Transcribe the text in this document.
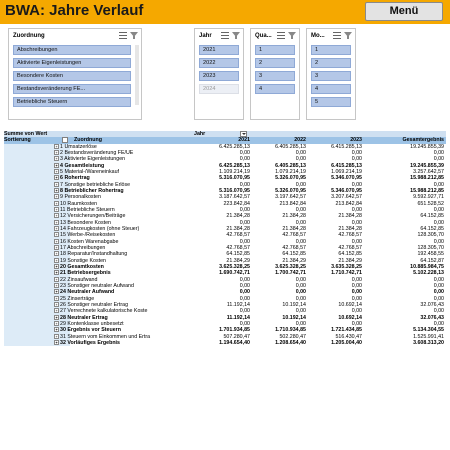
BWA: Jahre Verlauf	Menü
Zuordnung
Abschreibungen
Aktivierte Eigenleistungen
Besondere Kosten
Bestandsveränderung FE...
Betriebliche Steuern
Jahr
2021
2022
2023
2024
Qua...
1
2
3
4
Mo...
1
2
3
4
5
Summe von Wert	Jahr
Sortierung	Zuordnung	2021	2022	2023	Gesamtergebnis
+ 1 Umsatzerlöse	6.425.285,13	6.405.285,13	6.415.285,13	19.245.855,39
+ 2 Bestandsveränderung FE/UE	0,00	0,00	0,00	0,00
+ 3 Aktivierte Eigenleistungen	0,00	0,00	0,00	0,00
+ 4 Gesamtleistung	6.425.285,13	6.405.285,13	6.415.285,13	19.245.855,39
+ 5 Material-/Wareneinkauf	1.109.214,19	1.079.214,19	1.069.214,19	3.257.642,57
+ 6 Rohertrag	5.316.070,95	5.326.070,95	5.346.070,95	15.988.212,85
+ 7 Sonstige betriebliche Erlöse	0,00	0,00	0,00	0,00
+ 8 Betrieblicher Rohertrag	5.316.070,95	5.326.070,95	5.346.070,95	15.988.212,85
+ 9 Personalkosten	3.187.642,57	3.197.642,57	3.207.642,57	9.592.927,71
+ 10 Raumkosten	223.842,84	213.842,84	213.842,84	651.528,52
+ 11 Betriebliche Steuern	0,00	0,00	0,00	0,00
+ 12 Versicherungen/Beiträge	21.384,28	21.384,28	21.384,28	64.152,85
+ 13 Besondere Kosten	0,00	0,00	0,00	0,00
+ 14 Fahrzeugkosten (ohne Steuer)	21.384,28	21.384,28	21.384,28	64.152,85
+ 15 Werbe-/Reisekosten	42.768,57	42.768,57	42.768,57	128.305,70
+ 16 Kosten Warenabgabe	0,00	0,00	0,00	0,00
+ 17 Abschreibungen	42.768,57	42.768,57	42.768,57	128.305,70
+ 18 Reparatur/Instandhaltung	64.152,85	64.152,85	64.152,85	192.458,55
+ 19 Sonstige Kosten	21.384,29	21.384,29	21.384,29	64.152,87
+ 20 Gesamtkosten	3.625.328,25	3.625.328,25	3.635.328,25	10.885.984,75
+ 21 Betriebsergebnis	1.690.742,71	1.700.742,71	1.710.742,71	5.102.228,13
+ 22 Zinsaufwand	0,00	0,00	0,00	0,00
+ 23 Sonstiger neutraler Aufwand	0,00	0,00	0,00	0,00
+ 24 Neutraler Aufwand	0,00	0,00	0,00	0,00
+ 25 Zinserträge	0,00	0,00	0,00	0,00
+ 26 Sonstiger neutraler Ertrag	11.192,14	10.192,14	10.692,14	32.076,43
+ 27 Verrechnete kalkulatorische Koste	0,00	0,00	0,00	0,00
+ 28 Neutraler Ertrag	11.192,14	10.192,14	10.692,14	32.076,43
+ 29 Kontenklasse unbesetzt	0,00	0,00	0,00	0,00
+ 30 Ergebnis vor Steuern	1.701.934,85	1.710.934,85	1.721.434,85	5.134.304,55
+ 31 Steuern vom Einkommen und Ertra	507.280,47	502.280,47	516.430,47	1.525.991,41
+ 32 Vorläufiges Ergebnis	1.194.654,40	1.208.654,40	1.205.004,40	3.608.313,20
